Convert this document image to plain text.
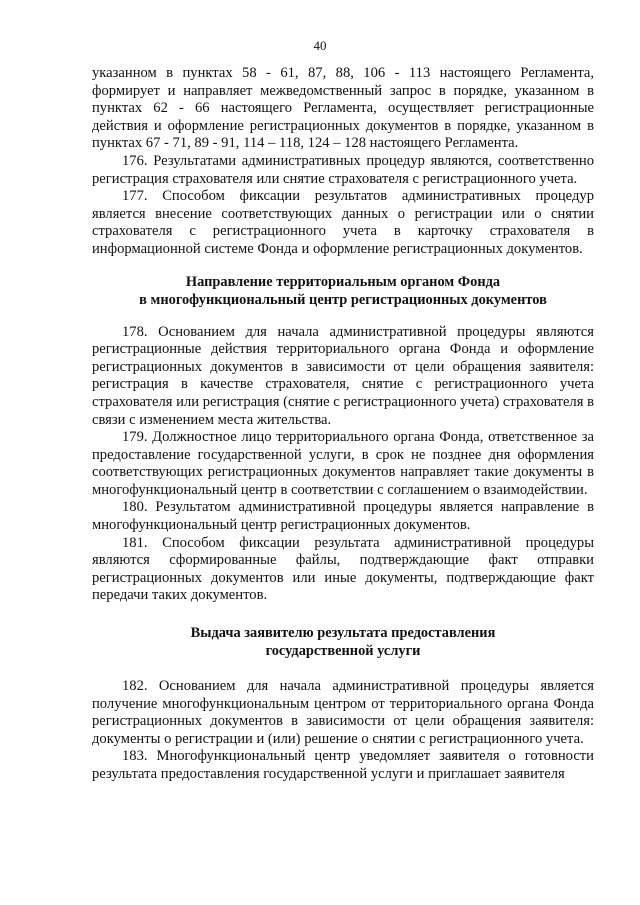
40

указанном в пунктах 58 - 61, 87, 88, 106 - 113 настоящего Регламента, формирует и направляет межведомственный запрос в порядке, указанном в пунктах 62 - 66 настоящего Регламента, осуществляет регистрационные действия и оформление регистрационных документов в порядке, указанном в пунктах 67 - 71, 89 - 91, 114 – 118, 124 – 128 настоящего Регламента.

176. Результатами административных процедур являются, соответственно регистрация страхователя или снятие страхователя с регистрационного учета.

177. Способом фиксации результатов административных процедур является внесение соответствующих данных о регистрации или о снятии страхователя с регистрационного учета в карточку страхователя в информационной системе Фонда и оформление регистрационных документов.

Направление территориальным органом Фонда
в многофункциональный центр регистрационных документов

178. Основанием для начала административной процедуры являются регистрационные действия территориального органа Фонда и оформление регистрационных документов в зависимости от цели обращения заявителя: регистрация в качестве страхователя, снятие с регистрационного учета страхователя или регистрация (снятие с регистрационного учета) страхователя в связи с изменением места жительства.

179. Должностное лицо территориального органа Фонда, ответственное за предоставление государственной услуги, в срок не позднее дня оформления соответствующих регистрационных документов направляет такие документы в многофункциональный центр в соответствии с соглашением о взаимодействии.

180. Результатом административной процедуры является направление в многофункциональный центр регистрационных документов.

181. Способом фиксации результата административной процедуры являются сформированные файлы, подтверждающие факт отправки регистрационных документов или иные документы, подтверждающие факт передачи таких документов.

Выдача заявителю результата предоставления
государственной услуги

182. Основанием для начала административной процедуры является получение многофункциональным центром от территориального органа Фонда регистрационных документов в зависимости от цели обращения заявителя: документы о регистрации и (или) решение о снятии с регистрационного учета.

183. Многофункциональный центр уведомляет заявителя о готовности результата предоставления государственной услуги и приглашает заявителя
